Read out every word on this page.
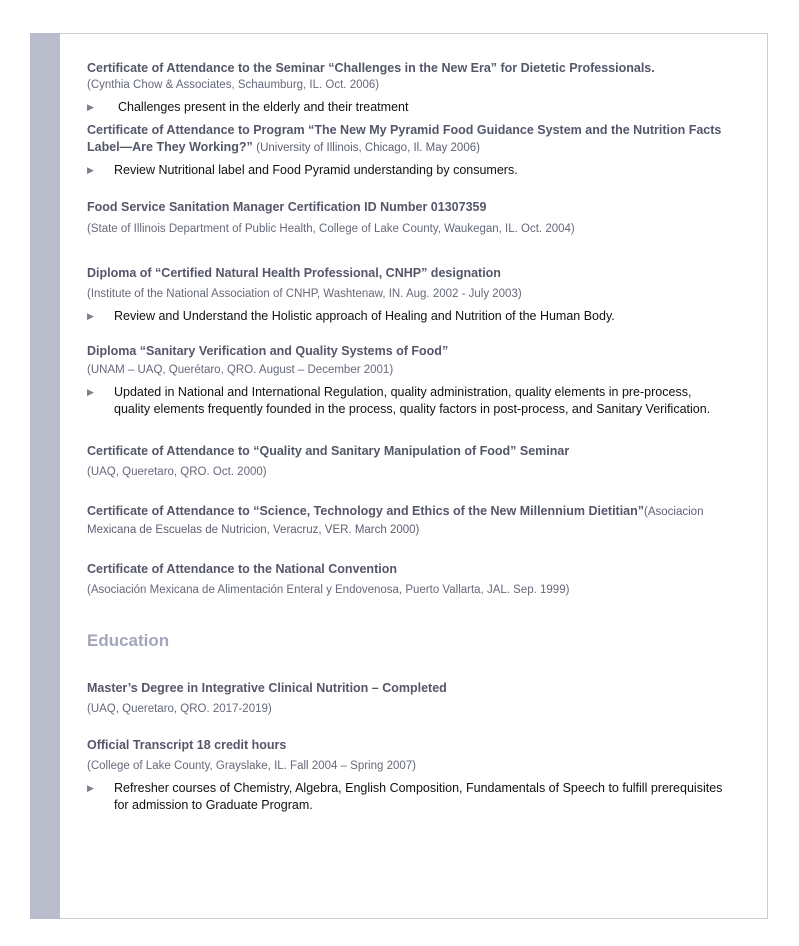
Certificate of Attendance to the Seminar “Challenges in the New Era” for Dietetic Professionals.
(Cynthia Chow & Associates, Schaumburg, IL. Oct. 2006)
▶ Challenges present in the elderly and their treatment
Certificate of Attendance to Program “The New My Pyramid Food Guidance System and the Nutrition Facts Label—Are They Working?” (University of Illinois, Chicago, Il. May 2006)
▶ Review Nutritional label and Food Pyramid understanding by consumers.
Food Service Sanitation Manager Certification ID Number 01307359
(State of Illinois Department of Public Health, College of Lake County, Waukegan, IL. Oct. 2004)
Diploma of “Certified Natural Health Professional, CNHP” designation
(Institute of the National Association of CNHP, Washtenaw, IN. Aug. 2002 - July 2003)
▶ Review and Understand the Holistic approach of Healing and Nutrition of the Human Body.
Diploma “Sanitary Verification and Quality Systems of Food”
(UNAM – UAQ, Querétaro, QRO. August – December 2001)
▶ Updated in National and International Regulation, quality administration, quality elements in pre-process, quality elements frequently founded in the process, quality factors in post-process, and Sanitary Verification.
Certificate of Attendance to “Quality and Sanitary Manipulation of Food” Seminar
(UAQ, Queretaro, QRO. Oct. 2000)
Certificate of Attendance to “Science, Technology and Ethics of the New Millennium Dietitian”(Asociacion Mexicana de Escuelas de Nutricion, Veracruz, VER. March 2000)
Certificate of Attendance to the National Convention
(Asociación Mexicana de Alimentación Enteral y Endovenosa, Puerto Vallarta, JAL. Sep. 1999)
Education
Master’s Degree in Integrative Clinical Nutrition – Completed
(UAQ, Queretaro, QRO. 2017-2019)
Official Transcript 18 credit hours
(College of Lake County, Grayslake, IL. Fall 2004 – Spring 2007)
▶ Refresher courses of Chemistry, Algebra, English Composition, Fundamentals of Speech to fulfill prerequisites for admission to Graduate Program.
